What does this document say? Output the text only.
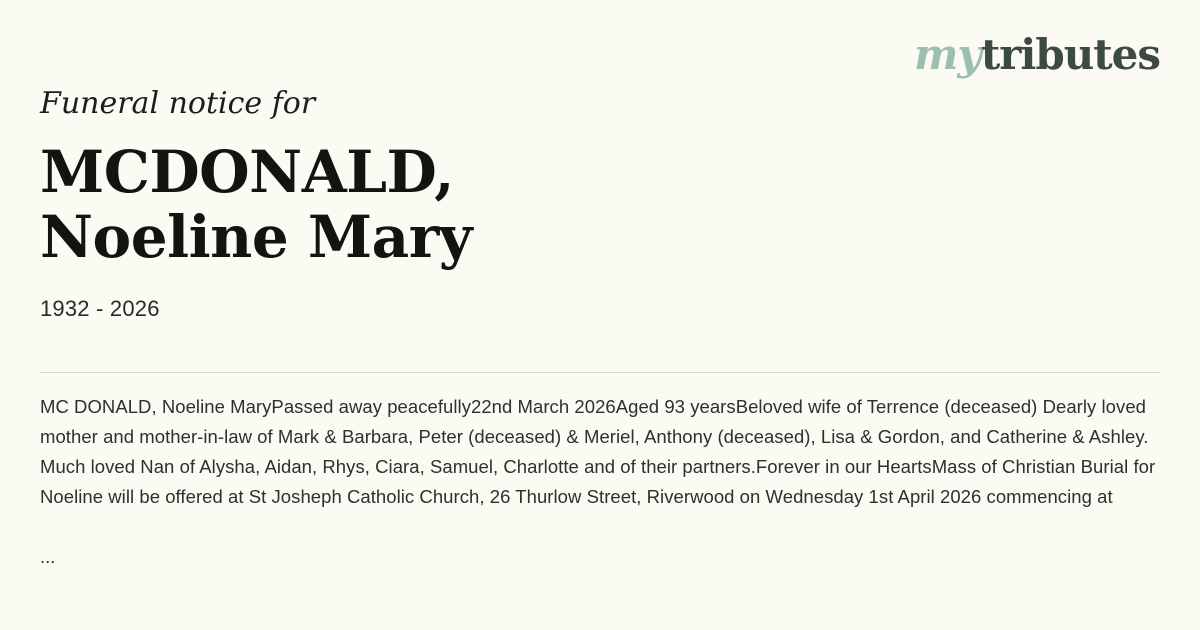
mytributes

Funeral notice for

MCDONALD,
Noeline Mary
1932 - 2026
MC DONALD, Noeline MaryPassed away peacefully22nd March 2026Aged 93 yearsBeloved wife of Terrence (deceased) Dearly loved mother and mother-in-law of Mark & Barbara, Peter (deceased) & Meriel, Anthony (deceased), Lisa & Gordon, and Catherine & Ashley.  Much loved Nan of Alysha, Aidan, Rhys, Ciara, Samuel, Charlotte and of their partners.Forever in our HeartsMass of Christian Burial for Noeline will be offered at St Josheph Catholic Church, 26 Thurlow Street, Riverwood on Wednesday 1st April 2026 commencing at
...
